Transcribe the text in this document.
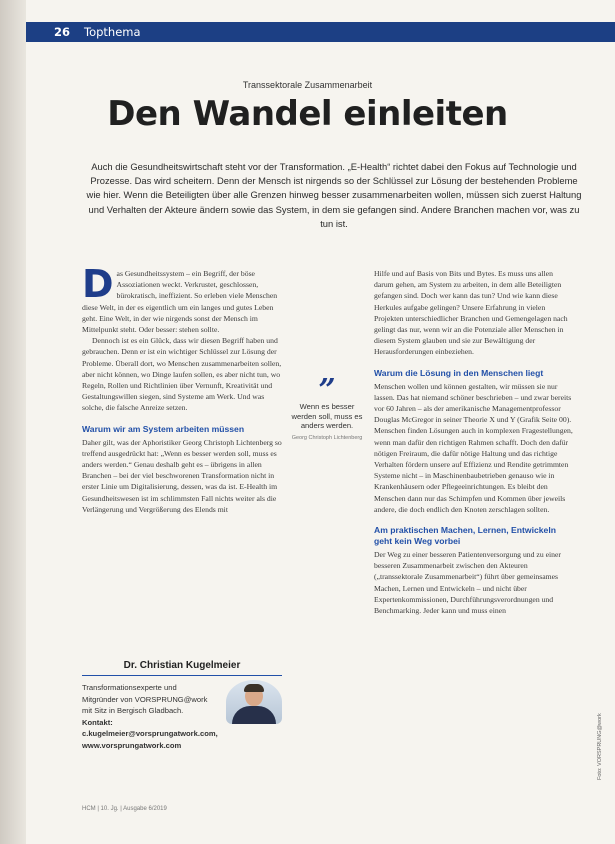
26 Topthema
Transsektorale Zusammenarbeit
Den Wandel einleiten
Auch die Gesundheitswirtschaft steht vor der Transformation. „E-Health“ richtet dabei den Fokus auf Technologie und Prozesse. Das wird scheitern. Denn der Mensch ist nirgends so der Schlüssel zur Lösung der bestehenden Probleme wie hier. Wenn die Beteiligten über alle Grenzen hinweg besser zusammenarbeiten wollen, müssen sich zuerst Haltung und Verhalten der Akteure ändern sowie das System, in dem sie gefangen sind. Andere Branchen machen vor, was zu tun ist.

Das Gesundheitssystem – ein Begriff, der böse Assoziationen weckt. Verkrustet, geschlossen, bürokratisch, ineffizient. So erleben viele Menschen diese Welt, in der es eigentlich um ein langes und gutes Leben geht. Eine Welt, in der wie nirgends sonst der Mensch im Mittelpunkt steht. Oder besser: stehen sollte.

Dennoch ist es ein Glück, dass wir diesen Begriff haben und gebrauchen. Denn er ist ein wichtiger Schlüssel zur Lösung der Probleme. Überall dort, wo Menschen zusammenarbeiten sollen, aber nicht können, wo Dinge laufen sollen, es aber nicht tun, wo Regeln, Rollen und Richtlinien über Vernunft, Kreativität und Gestaltungswillen siegen, sind Systeme am Werk. Und was solche, die falsche Anreize setzen.

Warum wir am System arbeiten müssen

Daher gilt, was der Aphoristiker Georg Christoph Lichtenberg so treffend ausgedrückt hat: „Wenn es besser werden soll, muss es anders werden.“ Genau deshalb geht es – übrigens in allen Branchen – bei der viel beschworenen Transformation nicht in erster Linie um Digitalisierung, dessen, was da ist. E-Health im Gesundheitswesen ist im schlimmsten Fall nichts weiter als die Verlängerung und Vergrößerung des Elends mit

”
Wenn es besser werden soll, muss es anders werden.
Georg Christoph Lichtenberg

Hilfe und auf Basis von Bits und Bytes. Es muss uns allen darum gehen, am System zu arbeiten, in dem alle Beteiligten gefangen sind. Doch wer kann das tun? Und wie kann diese Herkules aufgabe gelingen? Unsere Erfahrung in vielen Projekten unterschiedlicher Branchen und Gemengelagen nach gelingt das nur, wenn wir an die Potenziale aller Menschen in diesem System glauben und sie zur Bewältigung der Herausforderungen einbeziehen.

Warum die Lösung in den Menschen liegt

Menschen wollen und können gestalten, wir müssen sie nur lassen. Das hat niemand schöner beschrieben – und zwar bereits vor 60 Jahren – als der amerikanische Managementprofessor Douglas McGregor in seiner Theorie X und Y (Grafik Seite 00). Menschen finden Lösungen auch in komplexen Fragestellungen, wenn man dafür den richtigen Rahmen schafft. Doch den dafür nötigen Freiraum, die dafür nötige Haltung und das richtige Verhalten fördern unsere auf Effizienz und Rendite getrimmten Systeme nicht – in Maschinenbaubetrieben genauso wie in Krankenhäusern oder Pflegeeinrichtungen. Es bleibt den Menschen dann nur das Schimpfen und Kommen über jeweils andere, die doch endlich den Knoten zerschlagen sollten.

Am praktischen Machen, Lernen, Entwickeln geht kein Weg vorbei

Der Weg zu einer besseren Patientenversorgung und zu einer besseren Zusammenarbeit zwischen den Akteuren („transsektorale Zusammenarbeit“) führt über gemeinsames Machen, Lernen und Entwickeln – und nicht über Expertenkommissionen, Durchführungsverordnungen und Benchmarking. Jeder kann und muss einen

Dr. Christian Kugelmeier
Transformationsexperte und Mitgründer von VORSPRUNG@work mit Sitz in Bergisch Gladbach.
Kontakt:
c.kugelmeier@vorsprungatwork.com,
www.vorsprungatwork.com
HCM | 10. Jg. | Ausgabe 6/2019
Foto: VORSPRUNG@work
